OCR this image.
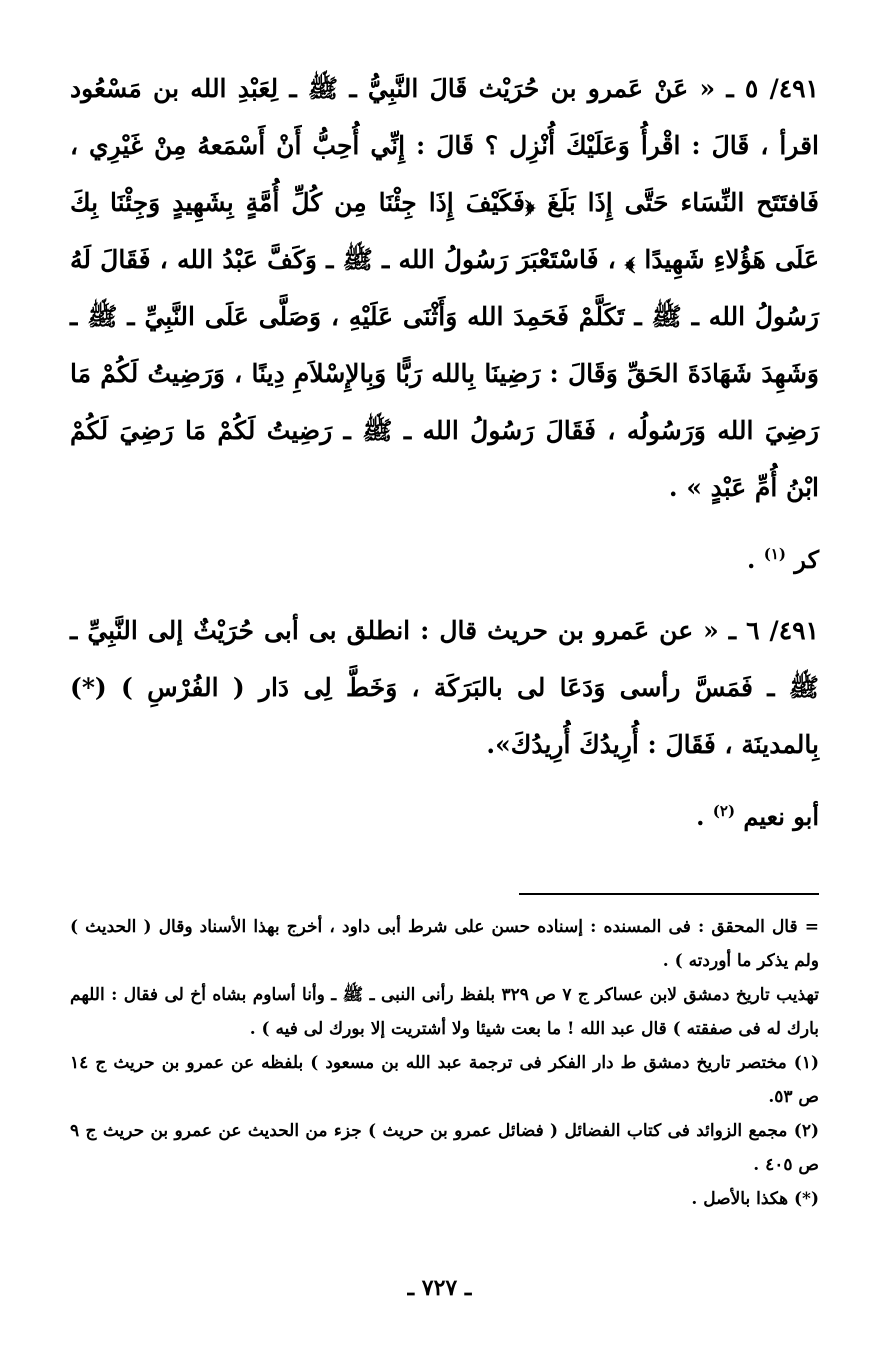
٤٩١/ ٥ ـ « عَنْ عَمرو بن حُرَيْث قَالَ النَّبِيُّ ـ ﷺ ـ لِعَبْدِ الله بن مَسْعُود اقرأ ، قَالَ : اقْرأُ وَعَلَيْكَ أُنْزِل ؟ قَالَ : إِنِّي أُحِبُّ أَنْ أَسْمَعهُ مِنْ غَيْرِي ، فَافتَتَح النِّسَاء حَتَّى إِذَا بَلَغَ ﴿فَكَيْفَ إِذَا جِئْنَا مِن كُلِّ أُمَّةٍ بِشَهِيدٍ وَجِئْنَا بِكَ عَلَى هَؤُلاءِ شَهِيدًا ﴾ ، فَاسْتَعْبَرَ رَسُولُ الله ـ ﷺ ـ وَكَفَّ عَبْدُ الله ، فَقَالَ لَهُ رَسُولُ الله ـ ﷺ ـ تَكَلَّمْ فَحَمِدَ الله وَأَثْنَى عَلَيْهِ ، وَصَلَّى عَلَى النَّبِيِّ ـ ﷺ ـ وَشَهِدَ شَهَادَةَ الحَقِّ وَقَالَ : رَضِينَا بِالله رَبًّا وَبِالإِسْلاَمِ دِينًا ، وَرَضِيتُ لَكُمْ مَا رَضِيَ الله وَرَسُولُه ، فَقَالَ رَسُولُ الله ـ ﷺ ـ رَضِيتُ لَكُمْ مَا رَضِيَ لَكُمْ ابْنُ أُمِّ عَبْدٍ » .

كر $^{(١)}$ .

٤٩١/ ٦ ـ « عن عَمرو بن حريث قال : انطلق بى أبى حُرَيْثٌ إلى النَّبِيِّ ـ ﷺ ـ فَمَسَّ رأسى وَدَعَا لى بالبَرَكَة ، وَخَطَّ لِى دَار ( الفُرْسِ ) (*) بِالمدينَة ، فَقَالَ : أُرِيدُكَ أُرِيدُكَ».

أبو نعيم $^{(٢)}$ .

= قال المحقق : فى المسنده : إسناده حسن على شرط أبى داود ، أخرج بهذا الأسناد وقال ( الحديث ) ولم يذكر ما أوردته ) .

تهذيب تاريخ دمشق لابن عساكر ج ٧ ص ٣٢٩ بلفظ رأنى النبى ـ ﷺ ـ وأنا أساوم بشاه أخ لى فقال : اللهم بارك له فى صفقته ) قال عبد الله ! ما بعت شيئا ولا أشتريت إلا بورك لى فيه ) .

(١) مختصر تاريخ دمشق ط دار الفكر فى ترجمة عبد الله بن مسعود ) بلفظه عن عمرو بن حريث ج ١٤ ص ٥٣.

(٢) مجمع الزوائد فى كتاب الفضائل ( فضائل عمرو بن حريث ) جزء من الحديث عن عمرو بن حريث ج ٩ ص ٤٠٥ .

(*) هكذا بالأصل .

ـ ٧٢٧ ـ
